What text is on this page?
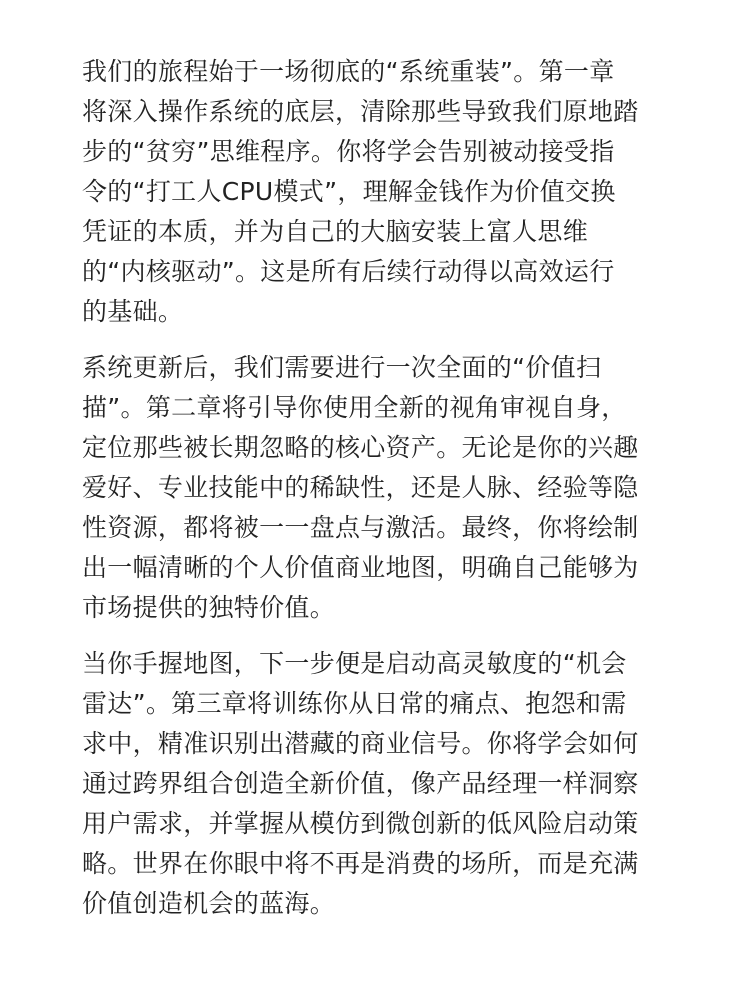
我们的旅程始于一场彻底的“系统重装”。第一章
将深入操作系统的底层，清除那些导致我们原地踏
步的“贫穷”思维程序。你将学会告别被动接受指
令的“打工人CPU模式”，理解金钱作为价值交换
凭证的本质，并为自己的大脑安装上富人思维
的“内核驱动”。这是所有后续行动得以高效运行
的基础。

系统更新后，我们需要进行一次全面的“价值扫
描”。第二章将引导你使用全新的视角审视自身，
定位那些被长期忽略的核心资产。无论是你的兴趣
爱好、专业技能中的稀缺性，还是人脉、经验等隐
性资源，都将被一一盘点与激活。最终，你将绘制
出一幅清晰的个人价值商业地图，明确自己能够为
市场提供的独特价值。

当你手握地图，下一步便是启动高灵敏度的“机会
雷达”。第三章将训练你从日常的痛点、抱怨和需
求中，精准识别出潜藏的商业信号。你将学会如何
通过跨界组合创造全新价值，像产品经理一样洞察
用户需求，并掌握从模仿到微创新的低风险启动策
略。世界在你眼中将不再是消费的场所，而是充满
价值创造机会的蓝海。
